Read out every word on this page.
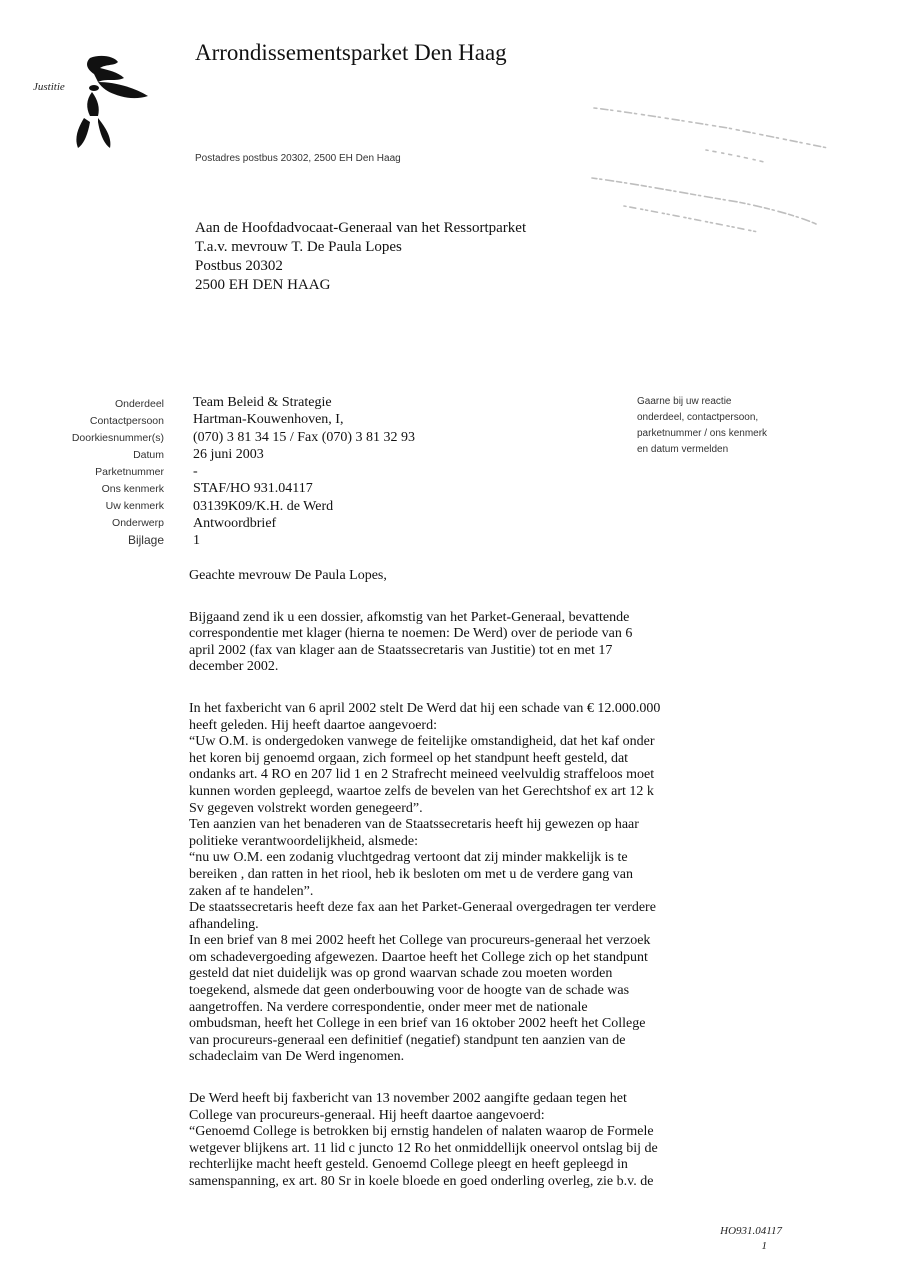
Arrondissementsparket Den Haag
Justitie
Postadres postbus 20302, 2500 EH Den Haag
Aan de Hoofdadvocaat-Generaal van het Ressortparket
T.a.v. mevrouw T. De Paula Lopes
Postbus 20302
2500 EH DEN HAAG
Onderdeel
Contactpersoon
Doorkiesnummer(s)
Datum
Parketnummer
Ons kenmerk
Uw kenmerk
Onderwerp
Bijlage
Team Beleid & Strategie
Hartman-Kouwenhoven, I,
(070) 3 81 34 15 / Fax (070) 3 81 32 93
26 juni 2003
-
STAF/HO 931.04117
03139K09/K.H. de Werd
Antwoordbrief
1
Gaarne bij uw reactie
onderdeel, contactpersoon,
parketnummer / ons kenmerk
en datum vermelden

Geachte mevrouw De Paula Lopes,

Bijgaand zend ik u een dossier, afkomstig van het Parket-Generaal, bevattende

correspondentie met klager (hierna te noemen: De Werd) over de periode van 6

april 2002 (fax van klager aan de Staatssecretaris van Justitie) tot en met 17

december 2002.

In het faxbericht van 6 april 2002 stelt De Werd dat hij een schade van € 12.000.000

heeft geleden. Hij heeft daartoe aangevoerd:

“Uw O.M. is ondergedoken vanwege de feitelijke omstandigheid, dat het kaf onder

het koren bij genoemd orgaan, zich formeel op het standpunt heeft gesteld, dat

ondanks art. 4 RO en 207 lid 1 en 2 Strafrecht meineed veelvuldig straffeloos moet

kunnen worden gepleegd, waartoe zelfs de bevelen van het Gerechtshof ex art 12 k

Sv gegeven volstrekt worden genegeerd”.

Ten aanzien van het benaderen van de Staatssecretaris heeft hij gewezen op haar

politieke verantwoordelijkheid, alsmede:

“nu uw O.M. een zodanig vluchtgedrag vertoont dat zij minder makkelijk is te

bereiken , dan ratten in het riool, heb ik besloten om met u de verdere gang van

zaken af te handelen”.

De staatssecretaris heeft deze fax aan het Parket-Generaal overgedragen ter verdere

afhandeling.

In een brief van 8 mei 2002 heeft het College van procureurs-generaal het verzoek

om schadevergoeding afgewezen. Daartoe heeft het College zich op het standpunt

gesteld dat niet duidelijk was op grond waarvan schade zou moeten worden

toegekend, alsmede dat geen onderbouwing voor de hoogte van de schade was

aangetroffen. Na verdere correspondentie, onder meer met de nationale

ombudsman, heeft het College in een brief van 16 oktober 2002 heeft het College

van procureurs-generaal een definitief (negatief) standpunt ten aanzien van de

schadeclaim van De Werd ingenomen.

De Werd heeft bij faxbericht van 13 november 2002 aangifte gedaan tegen het

College van procureurs-generaal. Hij heeft daartoe aangevoerd:

“Genoemd College is betrokken bij ernstig handelen of nalaten waarop de Formele

wetgever blijkens art. 11 lid c juncto 12 Ro het onmiddellijk oneervol ontslag bij de

rechterlijke macht heeft gesteld. Genoemd College pleegt en heeft gepleegd in

samenspanning, ex art. 80 Sr in koele bloede en goed onderling overleg, zie b.v. de

HO931.04117
1
